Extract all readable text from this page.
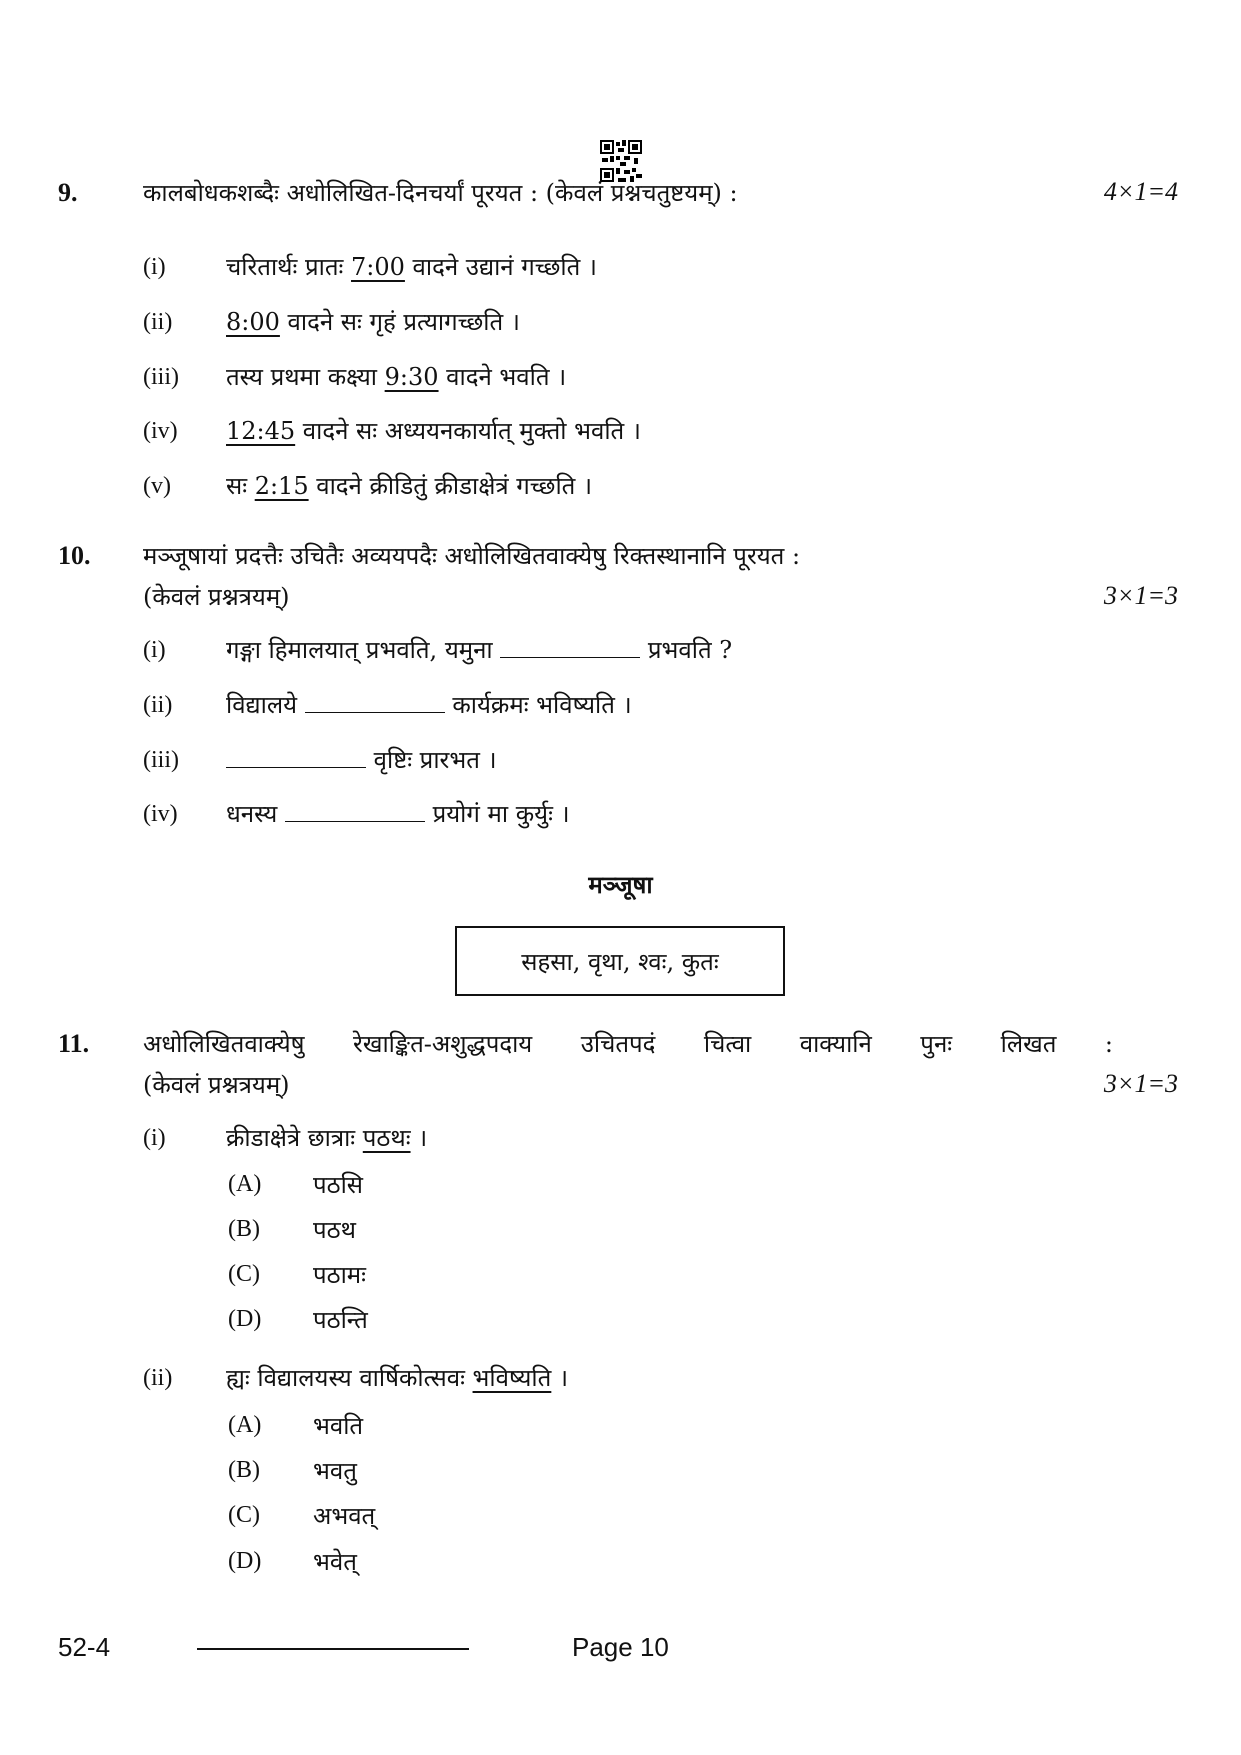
9.	कालबोधकशब्दैः अधोलिखित-दिनचर्यां पूरयत : (केवलं प्रश्नचतुष्टयम्) :	4×1=4
(i)	चरितार्थः प्रातः 7:00 वादने उद्यानं गच्छति ।
(ii) 8:00 वादने सः गृहं प्रत्यागच्छति ।
(iii) तस्य प्रथमा कक्ष्या 9:30 वादने भवति ।
(iv) 12:45 वादने सः अध्ययनकार्यात् मुक्तो भवति ।
(v) सः 2:15 वादने क्रीडितुं क्रीडाक्षेत्रं गच्छति ।
10. मञ्जूषायां प्रदत्तैः उचितैः अव्ययपदैः अधोलिखितवाक्येषु रिक्तस्थानानि पूरयत :
(केवलं प्रश्नत्रयम्)	3×1=3
(i)	गङ्गा हिमालयात् प्रभवति, यमुना	प्रभवति ?
(ii) विद्यालये	कार्यक्रमः भविष्यति ।
(iii)	वृष्टिः प्रारभत ।
(iv) धनस्य	प्रयोगं मा कुर्युः ।
मञ्जूषा
सहसा, वृथा, श्वः, कुतः
11. अधोलिखितवाक्येषु रेखाङ्कित-अशुद्धपदाय उचितपदं चित्वा वाक्यानि पुनः लिखत :
(केवलं प्रश्नत्रयम्)	3×1=3
(i)	क्रीडाक्षेत्रे छात्राः पठथः ।
(A) पठसि
(B) पठथ
(C) पठामः
(D) पठन्ति
(ii) ह्यः विद्यालयस्य वार्षिकोत्सवः भविष्यति ।
(A) भवति
(B) भवतु
(C) अभवत्
(D) भवेत्
52-4	Page 10
